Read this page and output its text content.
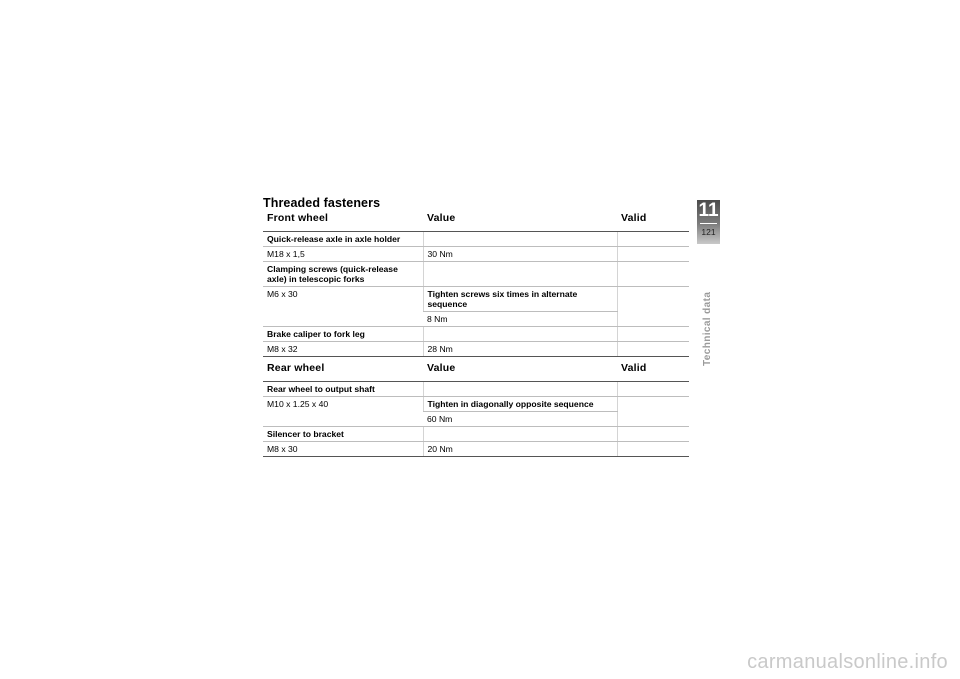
Threaded fasteners
Front wheel	Value	Valid
Quick-release axle in axle holder		
M18 x 1,5	30 Nm	
Clamping screws (quick-release axle) in telescopic forks		
M6 x 30	Tighten screws six times in alternate sequence	
	8 Nm	
Brake caliper to fork leg		
M8 x 32	28 Nm	
Rear wheel	Value	Valid
Rear wheel to output shaft		
M10 x 1.25 x 40	Tighten in diagonally opposite sequence	
	60 Nm	
Silencer to bracket		
M8 x 30	20 Nm	
11
121
Technical data
carmanualsonline.info
